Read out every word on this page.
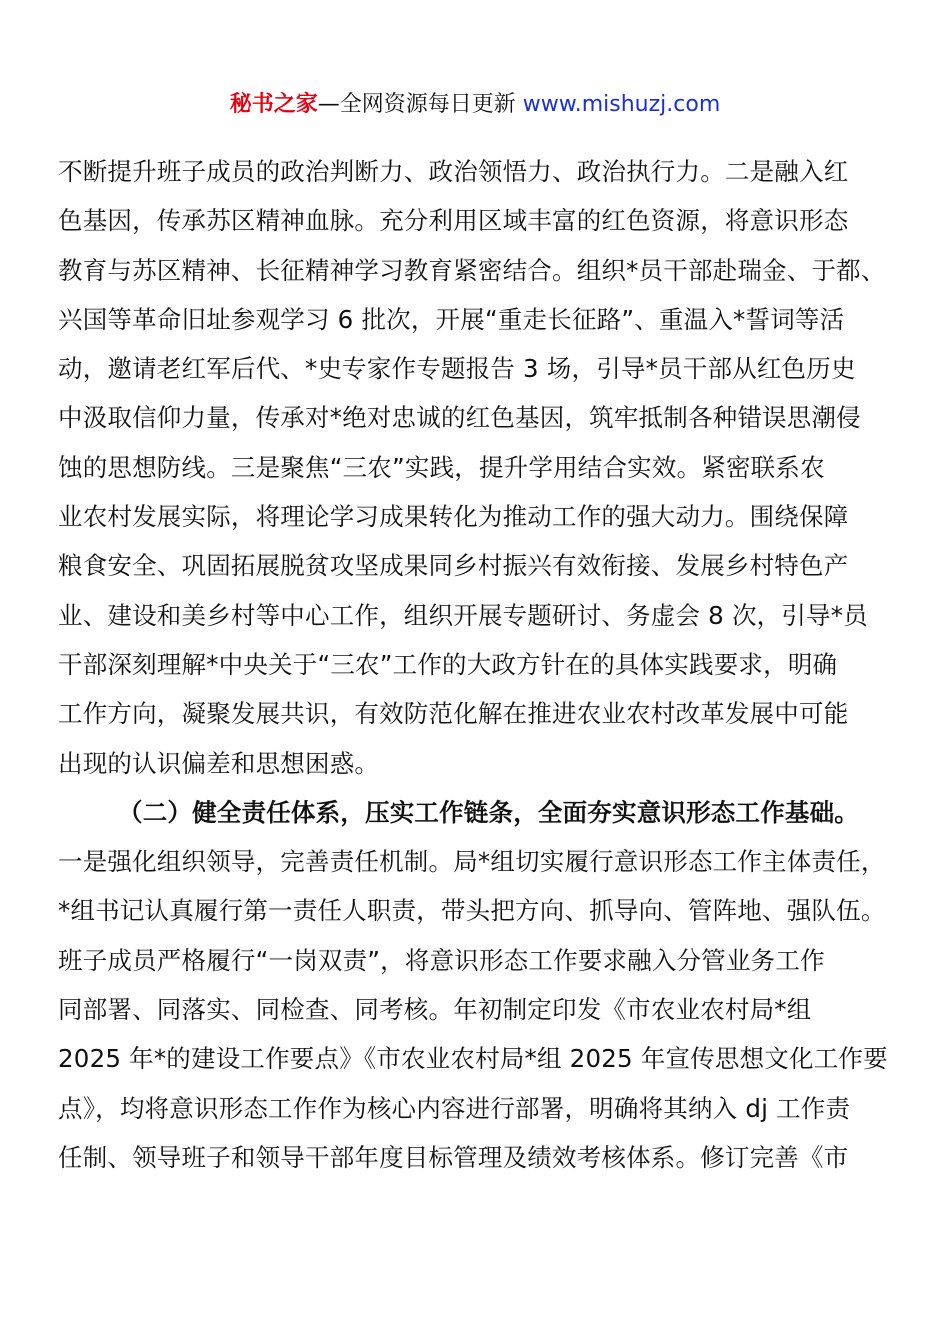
秘书之家—全网资源每日更新 www.mishuzj.com
不断提升班子成员的政治判断力、政治领悟力、政治执行力。二是融入红
色基因，传承苏区精神血脉。充分利用区域丰富的红色资源，将意识形态
教育与苏区精神、长征精神学习教育紧密结合。组织*员干部赴瑞金、于都、
兴国等革命旧址参观学习 6 批次，开展“重走长征路”、重温入*誓词等活
动，邀请老红军后代、*史专家作专题报告 3 场，引导*员干部从红色历史
中汲取信仰力量，传承对*绝对忠诚的红色基因，筑牢抵制各种错误思潮侵
蚀的思想防线。三是聚焦“三农”实践，提升学用结合实效。紧密联系农
业农村发展实际，将理论学习成果转化为推动工作的强大动力。围绕保障
粮食安全、巩固拓展脱贫攻坚成果同乡村振兴有效衔接、发展乡村特色产
业、建设和美乡村等中心工作，组织开展专题研讨、务虚会 8 次，引导*员
干部深刻理解*中央关于“三农”工作的大政方针在的具体实践要求，明确
工作方向，凝聚发展共识，有效防范化解在推进农业农村改革发展中可能
出现的认识偏差和思想困惑。
（二）健全责任体系，压实工作链条，全面夯实意识形态工作基础。
一是强化组织领导，完善责任机制。局*组切实履行意识形态工作主体责任，
*组书记认真履行第一责任人职责，带头把方向、抓导向、管阵地、强队伍。
班子成员严格履行“一岗双责”，将意识形态工作要求融入分管业务工作
同部署、同落实、同检查、同考核。年初制定印发《市农业农村局*组
2025 年*的建设工作要点》《市农业农村局*组 2025 年宣传思想文化工作要
点》，均将意识形态工作作为核心内容进行部署，明确将其纳入 dj 工作责
任制、领导班子和领导干部年度目标管理及绩效考核体系。修订完善《市
